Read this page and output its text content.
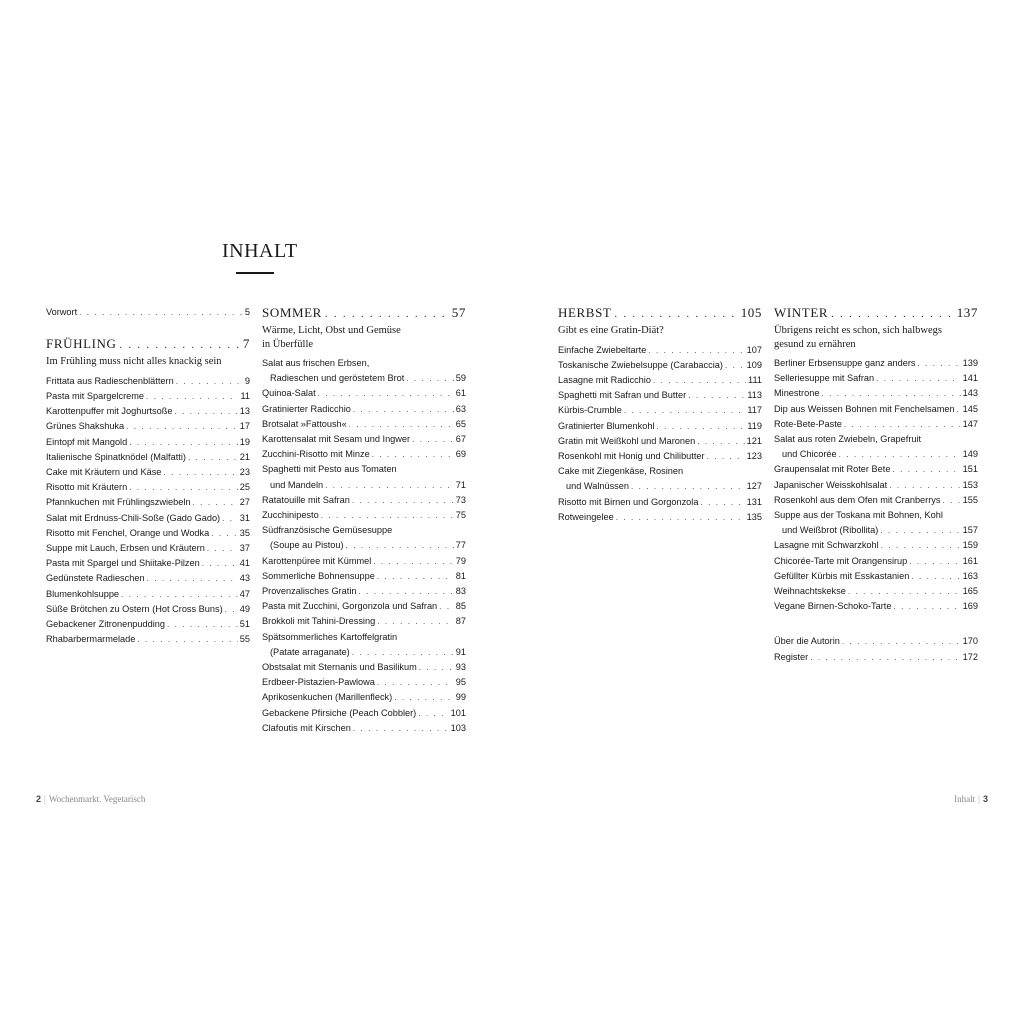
INHALT
Vorwort . . .	5
FRÜHLING . . .	7
Im Frühling muss nicht alles knackig sein
Frittata aus Radieschenblättern . . .	9
Pasta mit Spargelcreme . . .	11
Karottenpuffer mit Joghurtsoße . . .	13
Grünes Shakshuka . . .	17
Eintopf mit Mangold . . .	19
Italienische Spinatknödel (Malfatti) . . .	21
Cake mit Kräutern und Käse . . .	23
Risotto mit Kräutern . . .	25
Pfannkuchen mit Frühlingszwiebeln . . .	27
Salat mit Erdnuss-Chili-Soße (Gado Gado) . . . 31
Risotto mit Fenchel, Orange und Wodka . . .	35
Suppe mit Lauch, Erbsen und Kräutern . . .	37
Pasta mit Spargel und Shiitake-Pilzen . . .	41
Gedünstete Radieschen . . .	43
Blumenkohlsuppe . . .	47
Süße Brötchen zu Ostern (Hot Cross Buns) . . . 49
Gebackener Zitronenpudding . . .	51
Rhabarbermarmelade . . .	55
SOMMER . . .	57
Wärme, Licht, Obst und Gemüse
in Überfülle
Salat aus frischen Erbsen,
Radieschen und geröstetem Brot . . .	59
Quinoa-Salat . . .	61
Gratinierter Radicchio . . .	63
Brotsalat »Fattoush« . . .	65
Karottensalat mit Sesam und Ingwer . . .	67
Zucchini-Risotto mit Minze . . .	69
Spaghetti mit Pesto aus Tomaten
und Mandeln . . .	71
Ratatouille mit Safran . . .	73
Zucchinipesto . . .	75
Südfranzösische Gemüsesuppe
(Soupe au Pistou) . . .	77
Karottenpüree mit Kümmel . . .	79
Sommerliche Bohnensuppe . . .	81
Provenzalisches Gratin . . .	83
Pasta mit Zucchini, Gorgonzola und Safran . . . 85
Brokkoli mit Tahini-Dressing . . .	87
Spätsommerliches Kartoffelgratin
(Patate arraganate) . . .	91
Obstsalat mit Sternanis und Basilikum . . .	93
Erdbeer-Pistazien-Pawlowa . . .	95
Aprikosenkuchen (Marillenfleck) . . .	99
Gebackene Pfirsiche (Peach Cobbler) . . .	101
Clafoutis mit Kirschen . . .	103
HERBST . . .	105
Gibt es eine Gratin-Diät?
Einfache Zwiebeltarte . . .	107
Toskanische Zwiebelsuppe (Carabaccia) . . .	109
Lasagne mit Radicchio . . .	111
Spaghetti mit Safran und Butter . . .	113
Kürbis-Crumble . . .	117
Gratinierter Blumenkohl . . .	119
Gratin mit Weißkohl und Maronen . . .	121
Rosenkohl mit Honig und Chilibutter . . .	123
Cake mit Ziegenkäse, Rosinen
und Walnüssen . . .	127
Risotto mit Birnen und Gorgonzola . . .	131
Rotweingelee . . .	135
WINTER . . .	137
Übrigens reicht es schon, sich halbwegs
gesund zu ernähren
Berliner Erbsensuppe ganz anders . . .	139
Selleriesuppe mit Safran . . .	141
Minestrone . . .	143
Dip aus Weissen Bohnen mit Fenchelsamen . . . 145
Rote-Bete-Paste . . .	147
Salat aus roten Zwiebeln, Grapefruit
und Chicorée . . .	149
Graupensalat mit Roter Bete . . .	151
Japanischer Weisskohlsalat . . .	153
Rosenkohl aus dem Ofen mit Cranberrys . . . 155
Suppe aus der Toskana mit Bohnen, Kohl
und Weißbrot (Ribollita) . . .	157
Lasagne mit Schwarzkohl . . .	159
Chicorée-Tarte mit Orangensirup . . .	161
Gefüllter Kürbis mit Esskastanien . . .	163
Weihnachtskekse . . .	165
Vegane Birnen-Schoko-Tarte . . .	169
Über die Autorin . . .	170
Register . . .	172
2 | Wochenmarkt. Vegetarisch	Inhalt | 3
